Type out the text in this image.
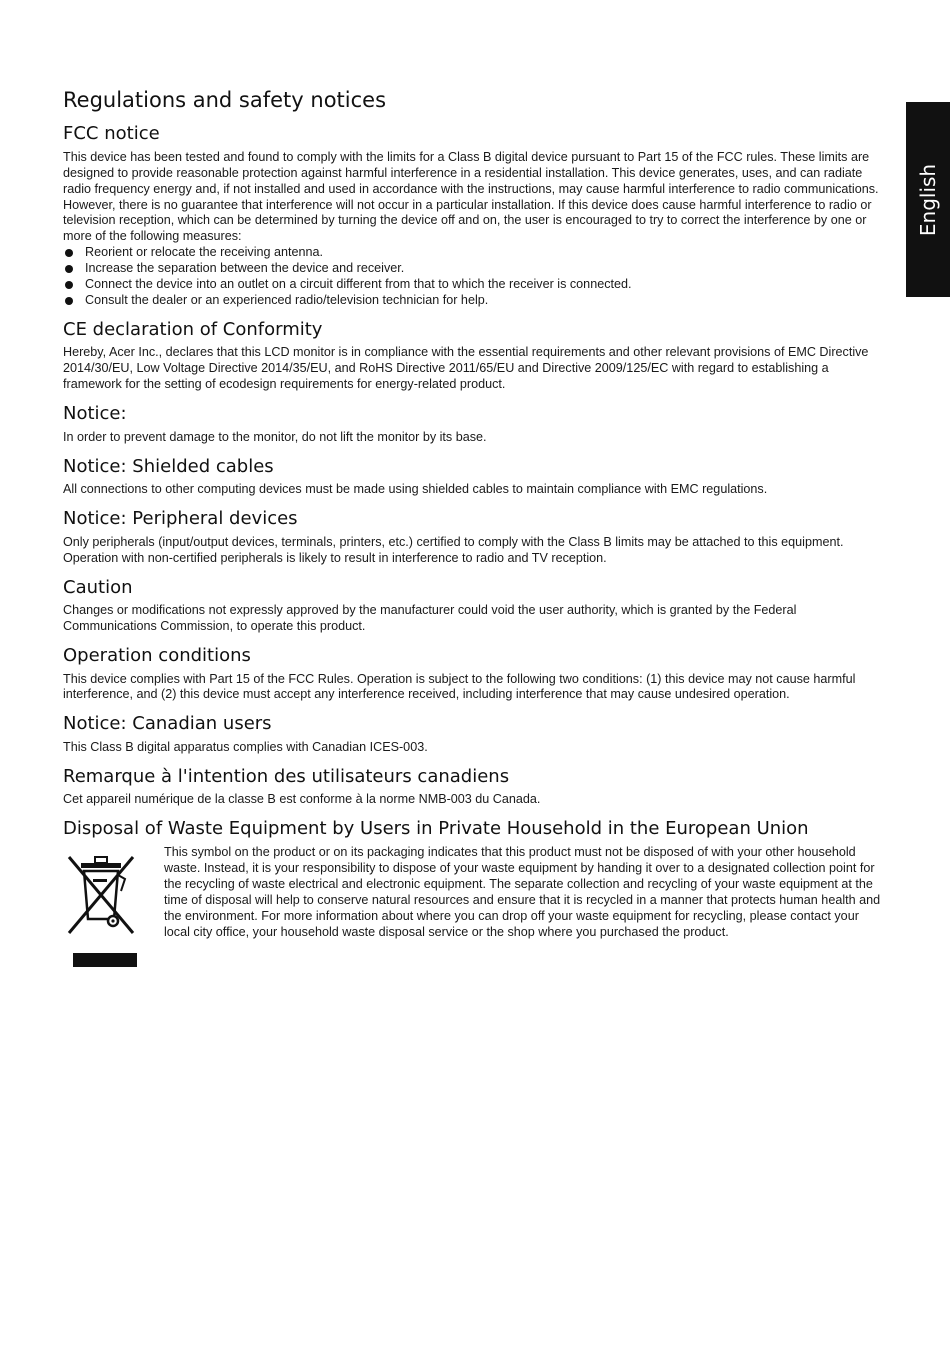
English
Regulations and safety notices
FCC notice

This device has been tested and found to comply with the limits for a Class B digital device pursuant to Part 15 of the FCC rules. These limits are designed to provide reasonable protection against harmful interference in a residential installation. This device generates, uses, and can radiate radio frequency energy and, if not installed and used in accordance with the instructions, may cause harmful interference to radio communications.

However, there is no guarantee that interference will not occur in a particular installation. If this device does cause harmful interference to radio or television reception, which can be determined by turning the device off and on, the user is encouraged to try to correct the interference by one or more of the following measures:

Reorient or relocate the receiving antenna.
Increase the separation between the device and receiver.
Connect the device into an outlet on a circuit different from that to which the receiver is connected.
Consult the dealer or an experienced radio/television technician for help.
CE declaration of Conformity

Hereby, Acer Inc., declares that this LCD monitor is in compliance with the essential requirements and other relevant provisions of EMC Directive 2014/30/EU, Low Voltage Directive 2014/35/EU, and RoHS Directive 2011/65/EU and Directive 2009/125/EC with regard to establishing a framework for the setting of ecodesign requirements for energy-related product.

Notice:

In order to prevent damage to the monitor, do not lift the monitor by its base.

Notice: Shielded cables

All connections to other computing devices must be made using shielded cables to maintain compliance with EMC regulations.

Notice: Peripheral devices

Only peripherals (input/output devices, terminals, printers, etc.) certified to comply with the Class B limits may be attached to this equipment. Operation with non-certified peripherals is likely to result in interference to radio and TV reception.

Caution

Changes or modifications not expressly approved by the manufacturer could void the user authority, which is granted by the Federal Communications Commission, to operate this product.

Operation conditions

This device complies with Part 15 of the FCC Rules. Operation is subject to the following two conditions: (1) this device may not cause harmful interference, and (2) this device must accept any interference received, including interference that may cause undesired operation.

Notice: Canadian users

This Class B digital apparatus complies with Canadian ICES-003.

Remarque à l'intention des utilisateurs canadiens

Cet appareil numérique de la classe B est conforme à la norme NMB-003 du Canada.

Disposal of Waste Equipment by Users in Private Household in the European Union

This symbol on the product or on its packaging indicates that this product must not be disposed of with your other household waste. Instead, it is your responsibility to dispose of your waste equipment by handing it over to a designated collection point for the recycling of waste electrical and electronic equipment. The separate collection and recycling of your waste equipment at the time of disposal will help to conserve natural resources and ensure that it is recycled in a manner that protects human health and the environment. For more information about where you can drop off your waste equipment for recycling, please contact your local city office, your household waste disposal service or the shop where you purchased the product.
